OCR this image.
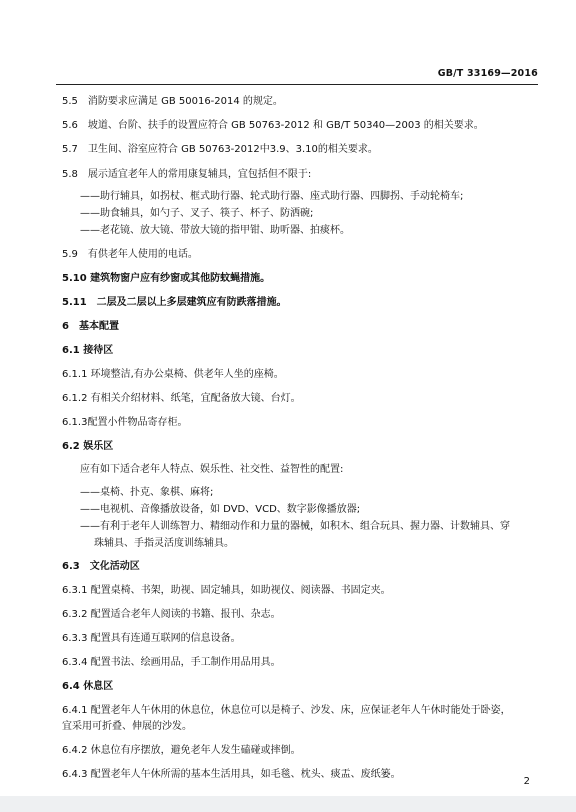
GB/T 33169—2016
5.5　消防要求应满足 GB 50016-2014 的规定。
5.6　坡道、台阶、扶手的设置应符合 GB 50763-2012 和 GB/T 50340—2003 的相关要求。
5.7　卫生间、浴室应符合 GB 50763-2012中3.9、3.10的相关要求。
5.8　展示适宜老年人的常用康复辅具，宜包括但不限于:
——助行辅具，如拐杖、框式助行器、轮式助行器、座式助行器、四脚拐、手动轮椅车;
——助食辅具，如勺子、叉子、筷子、杯子、防洒碗;
——老花镜、放大镜、带放大镜的指甲钳、助听器、拍痰杯。
5.9　有供老年人使用的电话。
5.10 建筑物窗户应有纱窗或其他防蚊蝇措施。
5.11　二层及二层以上多层建筑应有防跌落措施。
6　基本配置
6.1 接待区
6.1.1 环境整洁,有办公桌椅、供老年人坐的座椅。
6.1.2 有相关介绍材料、纸笔，宜配备放大镜、台灯。
6.1.3配置小件物品寄存柜。
6.2 娱乐区
应有如下适合老年人特点、娱乐性、社交性、益智性的配置:
——桌椅、扑克、象棋、麻将;
——电视机、音像播放设备，如 DVD、VCD、数字影像播放器;
——有利于老年人训练智力、精细动作和力量的器械，如积木、组合玩具、握力器、计数辅具、穿
珠辅具、手指灵活度训练辅具。
6.3　文化活动区
6.3.1 配置桌椅、书架，助视、固定辅具，如助视仪、阅读器、书固定夹。
6.3.2 配置适合老年人阅读的书籍、报刊、杂志。
6.3.3 配置具有连通互联网的信息设备。
6.3.4 配置书法、绘画用品，手工制作用品用具。
6.4 休息区
6.4.1 配置老年人午休用的休息位，休息位可以是椅子、沙发、床，应保证老年人午休时能处于卧姿，
宜采用可折叠、伸展的沙发。
6.4.2 休息位有序摆放，避免老年人发生磕碰或摔倒。
6.4.3 配置老年人午休所需的基本生活用具，如毛毯、枕头、痰盂、废纸篓。
2
